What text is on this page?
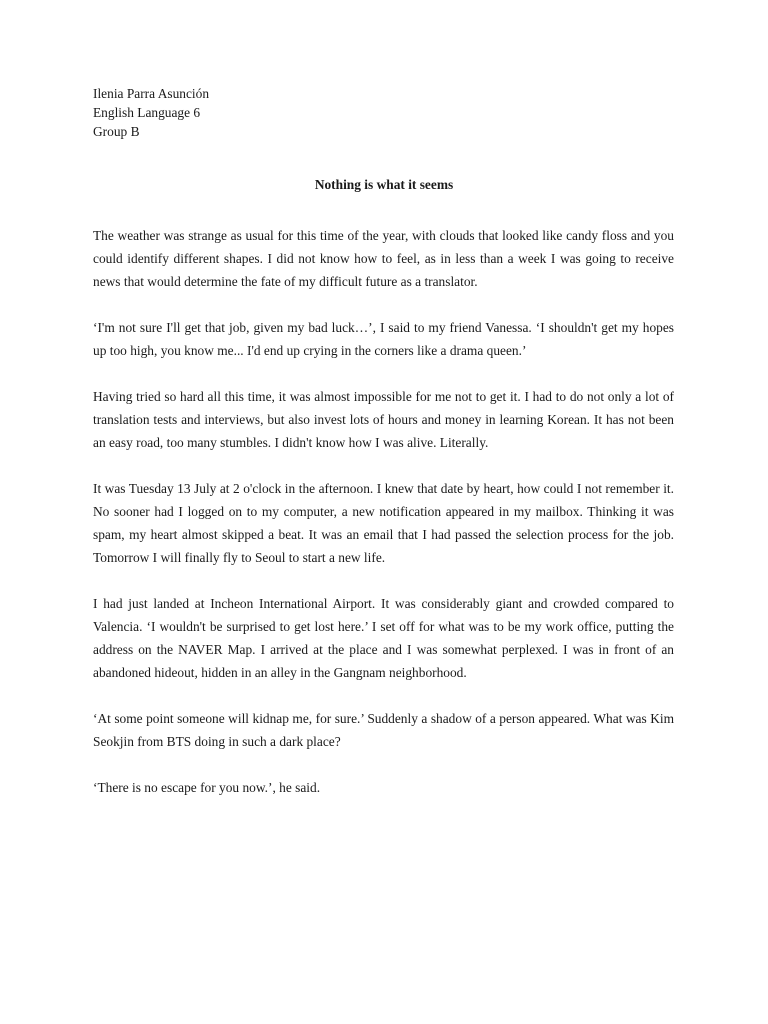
Ilenia Parra Asunción
English Language 6
Group B
Nothing is what it seems

The weather was strange as usual for this time of the year, with clouds that looked like candy floss and you could identify different shapes. I did not know how to feel, as in less than a week I was going to receive news that would determine the fate of my difficult future as a translator.

‘I'm not sure I'll get that job, given my bad luck…’, I said to my friend Vanessa. ‘I shouldn't get my hopes up too high, you know me... I'd end up crying in the corners like a drama queen.’

Having tried so hard all this time, it was almost impossible for me not to get it. I had to do not only a lot of translation tests and interviews, but also invest lots of hours and money in learning Korean. It has not been an easy road, too many stumbles. I didn't know how I was alive. Literally.

It was Tuesday 13 July at 2 o'clock in the afternoon. I knew that date by heart, how could I not remember it. No sooner had I logged on to my computer, a new notification appeared in my mailbox. Thinking it was spam, my heart almost skipped a beat. It was an email that I had passed the selection process for the job. Tomorrow I will finally fly to Seoul to start a new life.

I had just landed at Incheon International Airport. It was considerably giant and crowded compared to Valencia. ‘I wouldn't be surprised to get lost here.’ I set off for what was to be my work office, putting the address on the NAVER Map. I arrived at the place and I was somewhat perplexed. I was in front of an abandoned hideout, hidden in an alley in the Gangnam neighborhood.

‘At some point someone will kidnap me, for sure.’ Suddenly a shadow of a person appeared. What was Kim Seokjin from BTS doing in such a dark place?

‘There is no escape for you now.’, he said.
